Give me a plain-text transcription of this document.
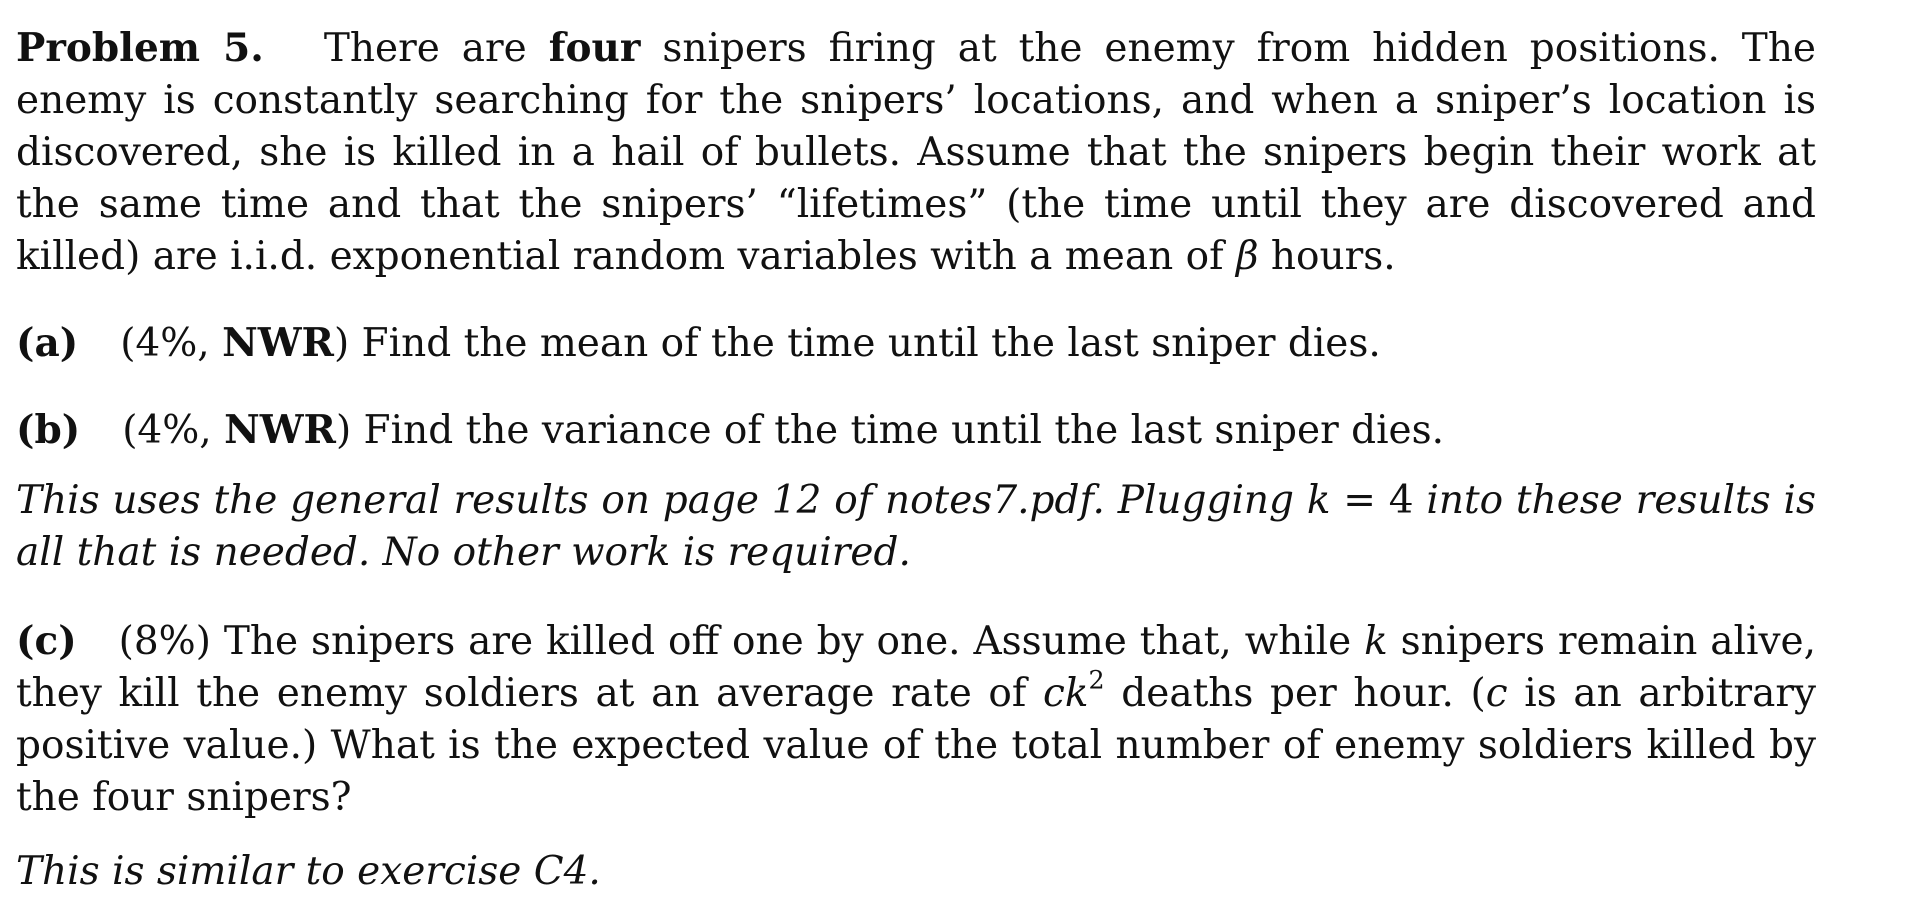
Problem 5. There are four snipers firing at the enemy from hidden positions. The enemy is constantly searching for the snipers’ locations, and when a sniper’s location is discovered, she is killed in a hail of bullets. Assume that the snipers begin their work at the same time and that the snipers’ “lifetimes” (the time until they are discovered and killed) are i.i.d. exponential random variables with a mean of β hours.

(a) (4%, NWR) Find the mean of the time until the last sniper dies.

(b) (4%, NWR) Find the variance of the time until the last sniper dies.

This uses the general results on page 12 of notes7.pdf. Plugging k = 4 into these results is all that is needed. No other work is required.

(c) (8%) The snipers are killed off one by one. Assume that, while k snipers remain alive, they kill the enemy soldiers at an average rate of $ck^2$ deaths per hour. (c is an arbitrary positive value.) What is the expected value of the total number of enemy soldiers killed by the four snipers?

This is similar to exercise C4.
